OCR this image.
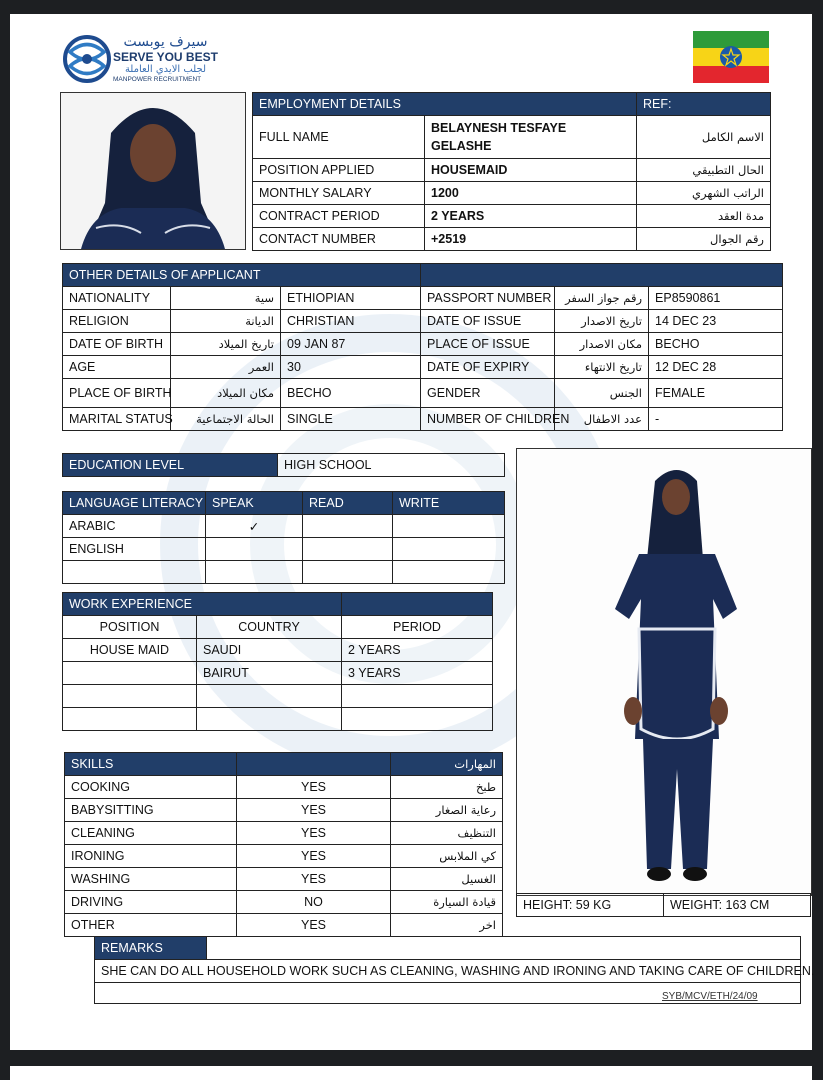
سيرف يوبست
SERVE YOU BEST
لجلب الايدي العاملة
MANPOWER RECRUITMENT
EMPLOYMENT DETAILS		REF:
FULL NAME	BELAYNESH TESFAYE
GELASHE	الاسم الكامل
POSITION APPLIED	HOUSEMAID	الحال التطبيقي
MONTHLY SALARY	1200	الراتب الشهري
CONTRACT PERIOD	2 YEARS	مدة العقد
CONTACT NUMBER	+2519	رقم الجوال
OTHER DETAILS OF APPLICANT					
NATIONALITY	سية	ETHIOPIAN	PASSPORT NUMBER	رقم جواز السفر	EP8590861
RELIGION	الديانة	CHRISTIAN	DATE OF ISSUE	تاريخ الاصدار	14 DEC 23
DATE OF BIRTH	تاريخ الميلاد	09 JAN 87	PLACE OF ISSUE	مكان الاصدار	BECHO
AGE	العمر	30	DATE OF EXPIRY	تاريخ الانتهاء	12 DEC 28
PLACE OF BIRTH	مكان الميلاد	BECHO	GENDER	الجنس	FEMALE
MARITAL STATUS	الحالة الاجتماعية	SINGLE	NUMBER OF CHILDREN	عدد الاطفال	-
EDUCATION LEVEL	HIGH SCHOOL
LANGUAGE LITERACY	SPEAK	READ	WRITE
ARABIC	✓		
ENGLISH			

WORK EXPERIENCE		
POSITION	COUNTRY	PERIOD
HOUSE MAID	SAUDI	2 YEARS
	BAIRUT	3 YEARS

SKILLS		المهارات
COOKING	YES	طبخ
BABYSITTING	YES	رعاية الصغار
CLEANING	YES	التنظيف
IRONING	YES	كي الملابس
WASHING	YES	الغسيل
DRIVING	NO	قيادة السيارة
OTHER	YES	اخر
HEIGHT: 59 KG	WEIGHT: 163 CM
REMARKS	
SHE CAN DO ALL HOUSEHOLD WORK SUCH AS CLEANING, WASHING AND IRONING AND TAKING CARE OF CHILDREN.

SYB/MCV/ETH/24/09
